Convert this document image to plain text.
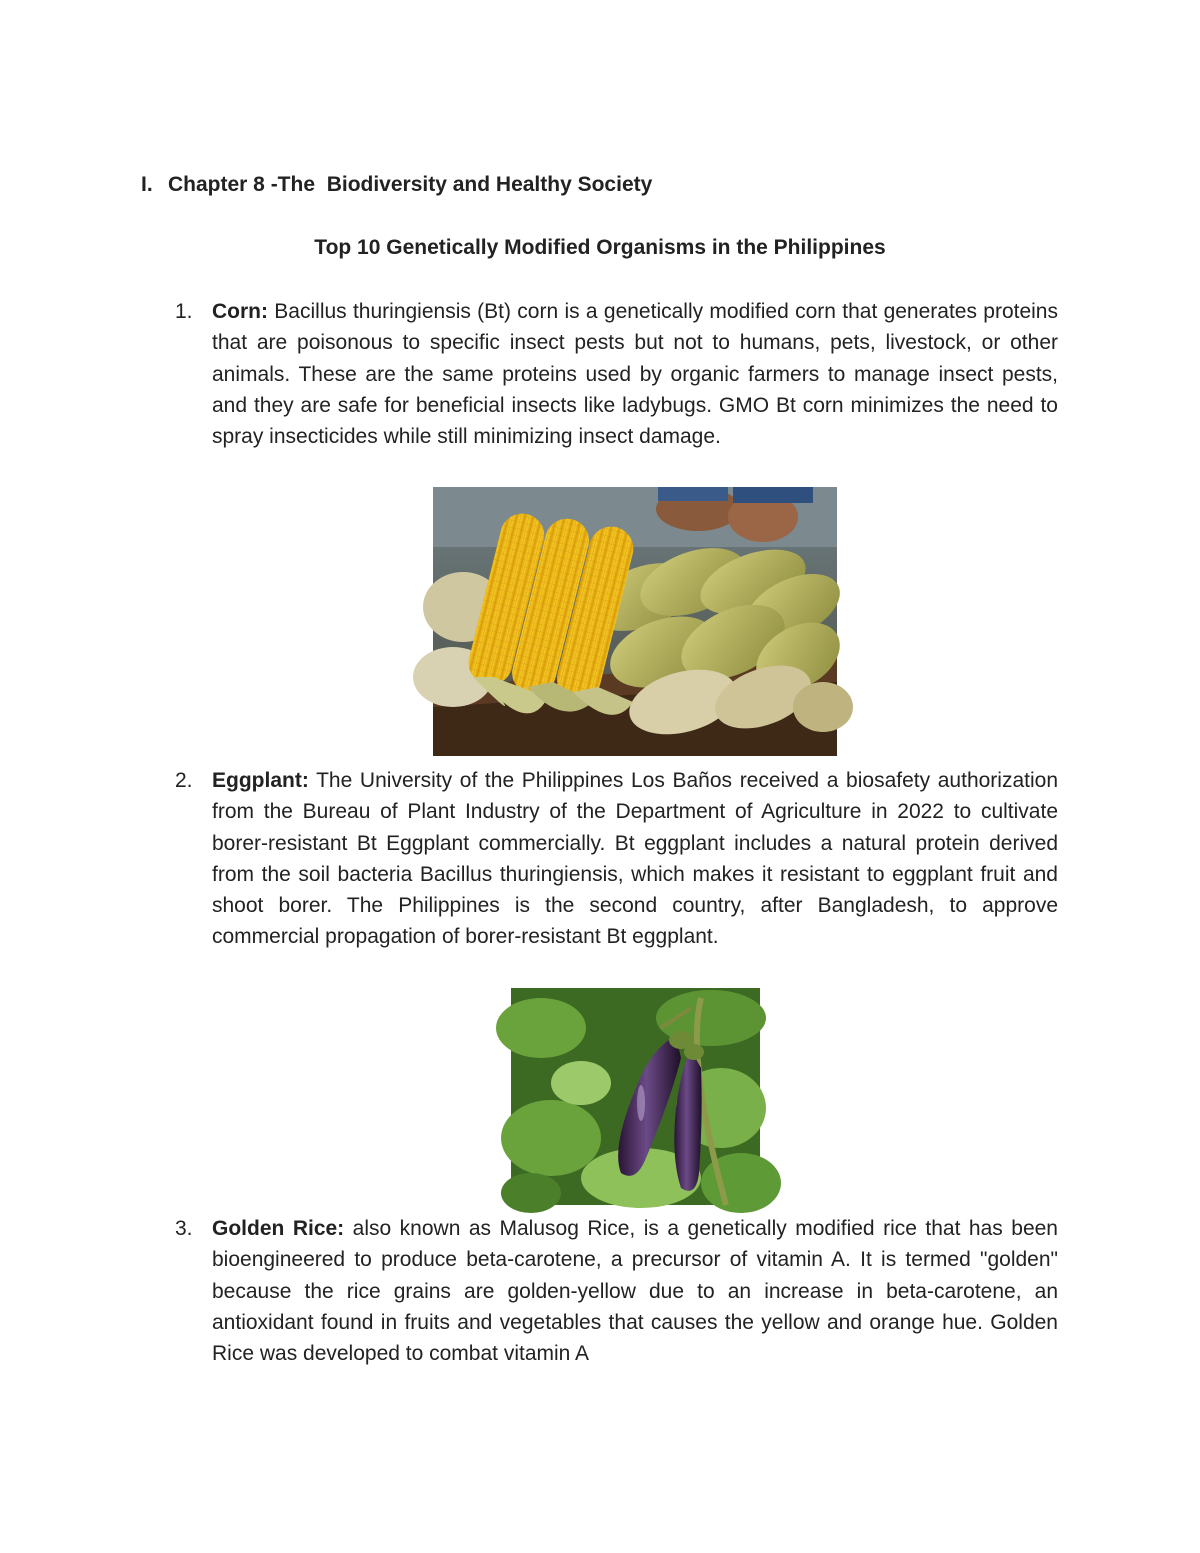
I. Chapter 8 -The  Biodiversity and Healthy Society
Top 10 Genetically Modified Organisms in the Philippines
1. Corn: Bacillus thuringiensis (Bt) corn is a genetically modified corn that generates proteins that are poisonous to specific insect pests but not to humans, pets, livestock, or other animals. These are the same proteins used by organic farmers to manage insect pests, and they are safe for beneficial insects like ladybugs. GMO Bt corn minimizes the need to spray insecticides while still minimizing insect damage.
2. Eggplant: The University of the Philippines Los Baños received a biosafety authorization from the Bureau of Plant Industry of the Department of Agriculture in 2022 to cultivate borer-resistant Bt Eggplant commercially. Bt eggplant includes a natural protein derived from the soil bacteria Bacillus thuringiensis, which makes it resistant to eggplant fruit and shoot borer. The Philippines is the second country, after Bangladesh, to approve commercial propagation of borer-resistant Bt eggplant.
3. Golden Rice: also known as Malusog Rice, is a genetically modified rice that has been bioengineered to produce beta-carotene, a precursor of vitamin A. It is termed "golden" because the rice grains are golden-yellow due to an increase in beta-carotene, an antioxidant found in fruits and vegetables that causes the yellow and orange hue. Golden Rice was developed to combat vitamin A
